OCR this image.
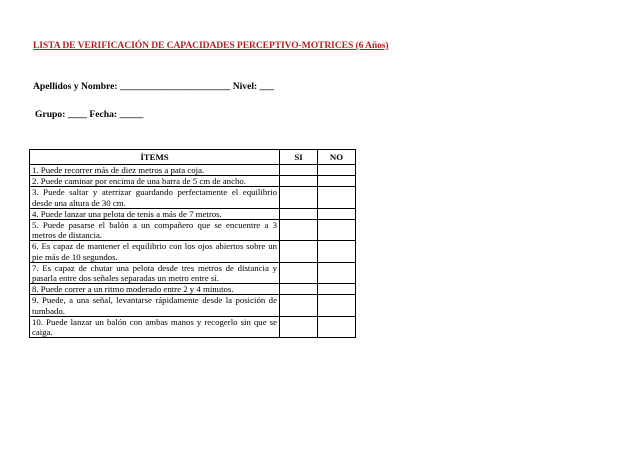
LISTA DE VERIFICACIÓN DE CAPACIDADES PERCEPTIVO-MOTRICES (6 Años)
Apellidos y Nombre: _______________________ Nivel: ___
Grupo: ____ Fecha: _____
ÍTEMS	SI	NO
1. Puede recorrer más de diez metros a pata coja.		
2. Puede caminar por encima de una barra de 5 cm de ancho.		
3. Puede saltar y aterrizar guardando perfectamente el equilibrio desde una altura de 30 cm.		
4. Puede lanzar una pelota de tenis a más de 7 metros.		
5. Puede pasarse el balón a un compañero que se encuentre a 3 metros de distancia.		
6. Es capaz de mantener el equilibrio con los ojos abiertos sobre un pie más de 10 segundos.		
7. Es capaz de chutar una pelota desde tres metros de distancia y pasarla entre dos señales separadas un metro entre sí.		
8. Puede correr a un ritmo moderado entre 2 y 4 minutos.		
9. Puede, a una señal, levantarse rápidamente desde la posición de tumbado.		
10. Puede lanzar un balón con ambas manos y recogerlo sin que se caiga.		
